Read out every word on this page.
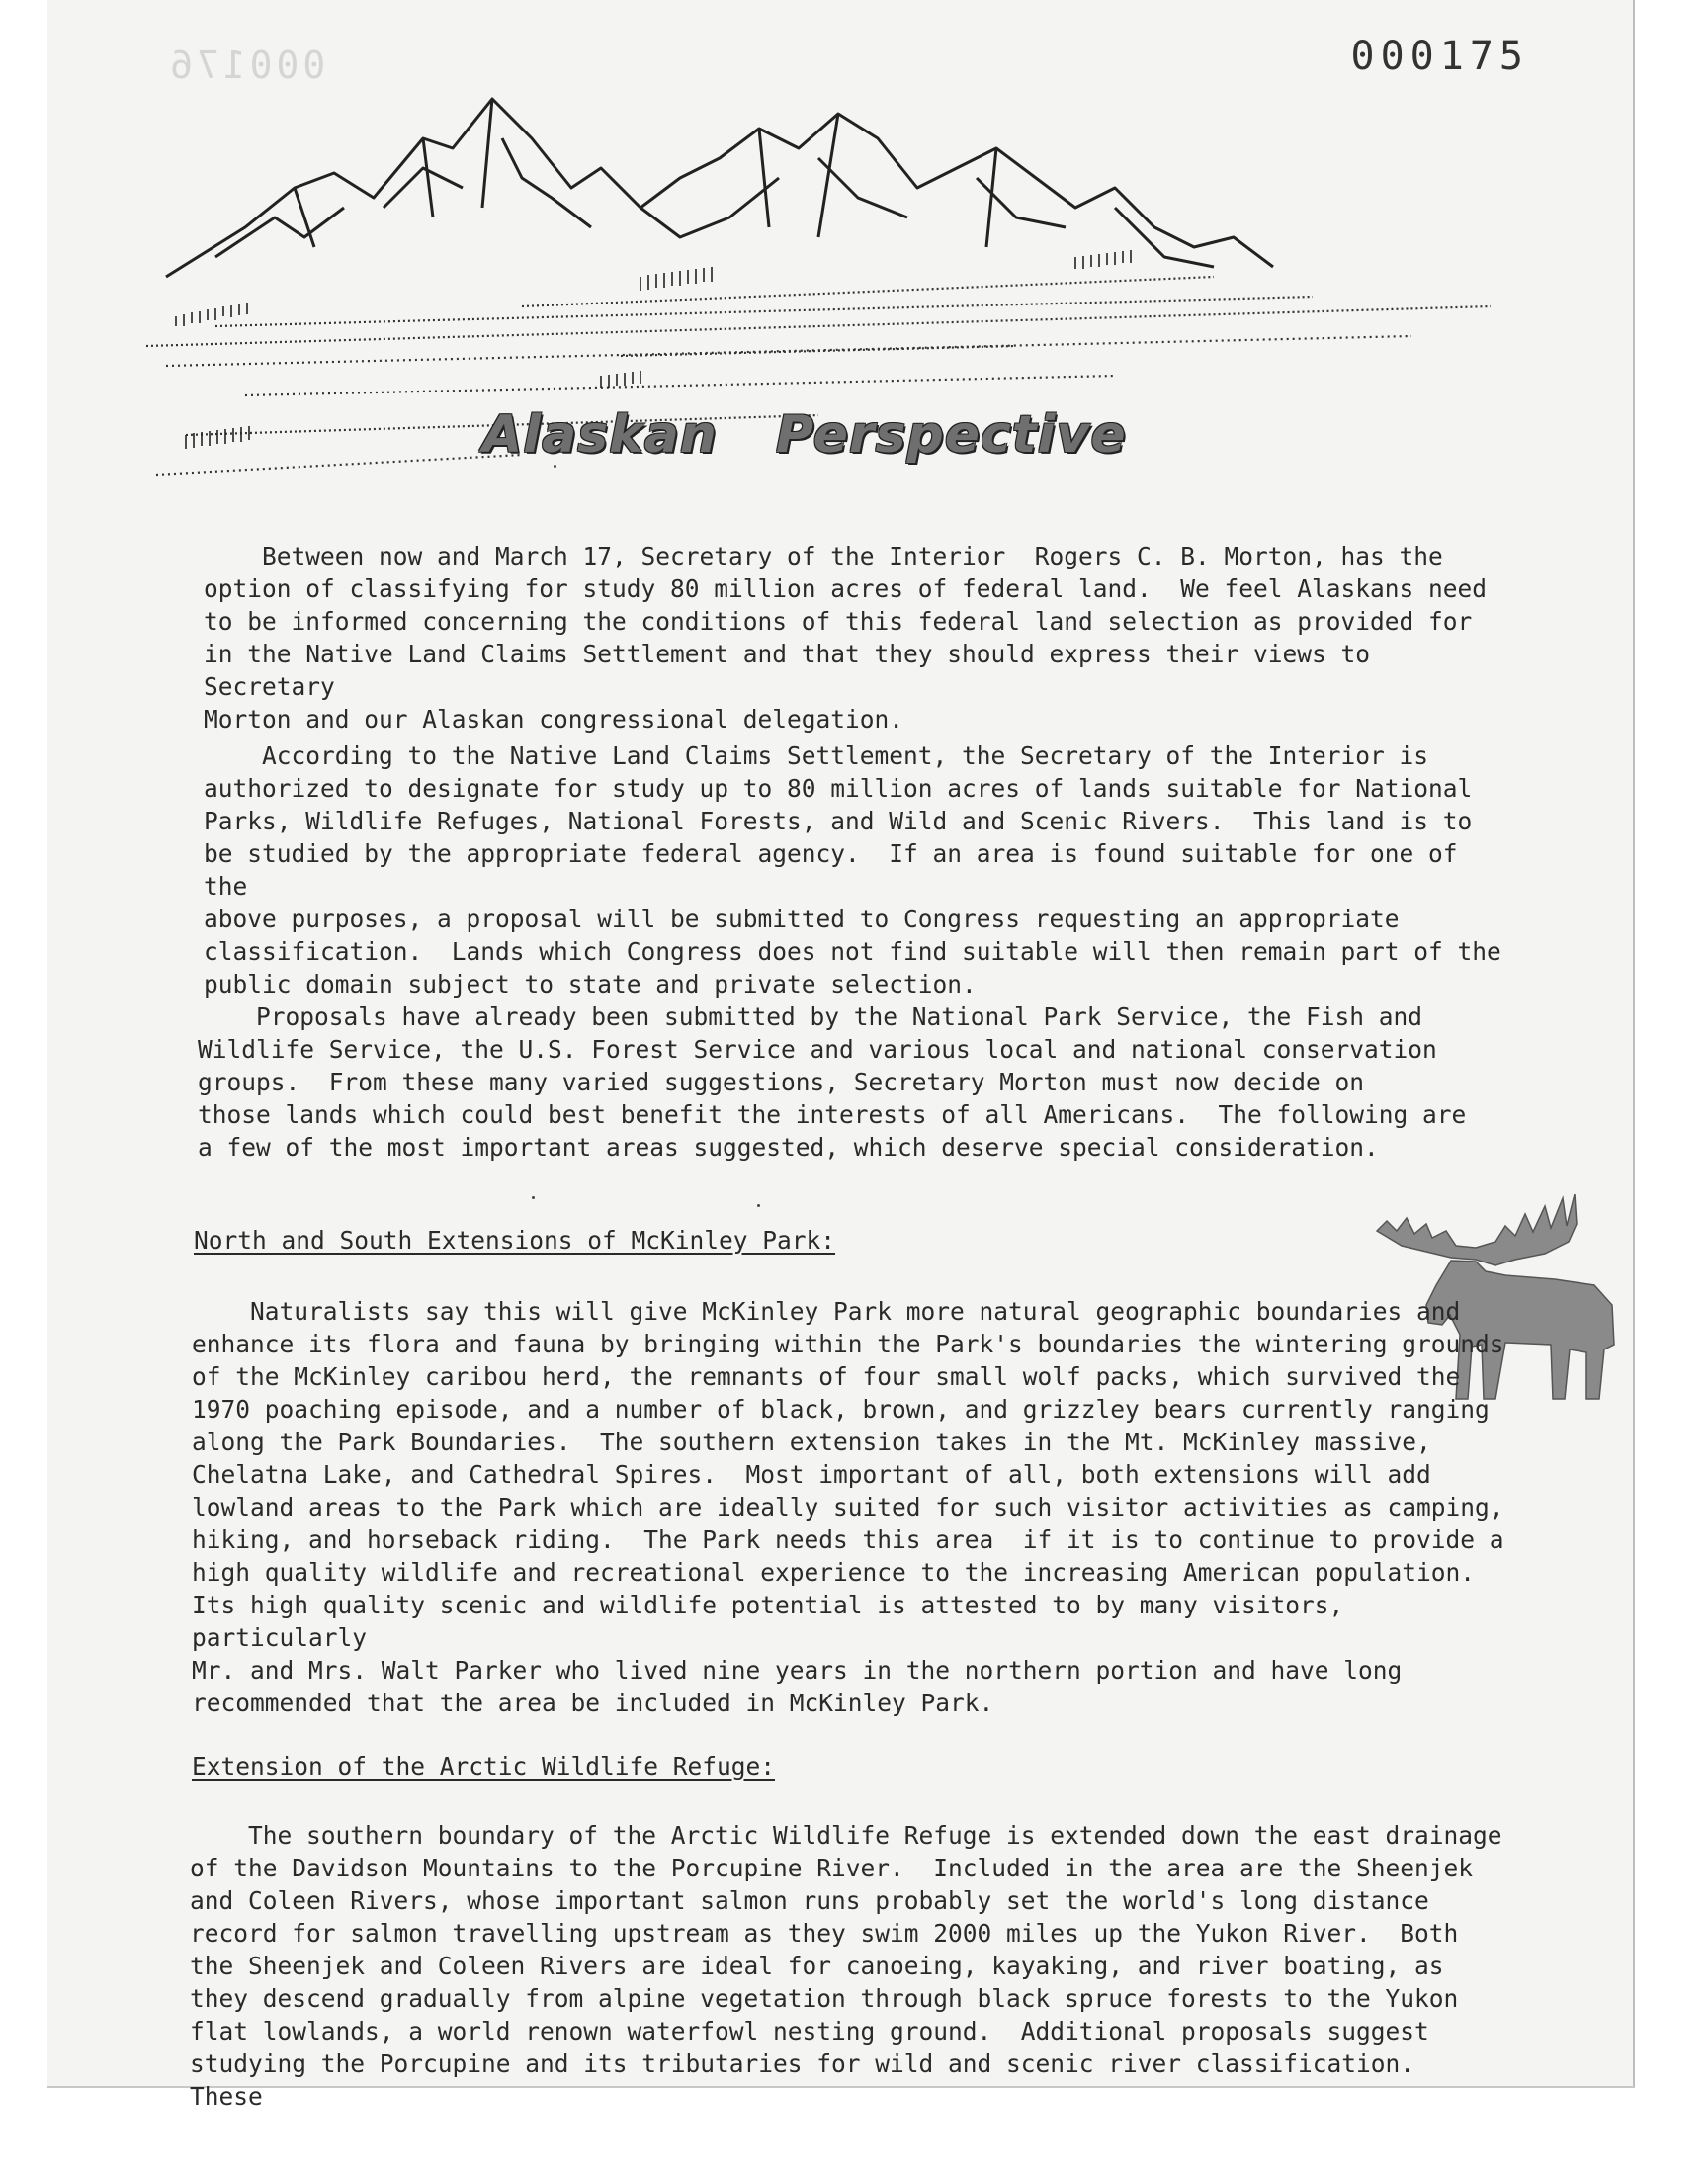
000176	000175
Alaskan Perspective

Between now and March 17, Secretary of the Interior  Rogers C. B. Morton, has the
option of classifying for study 80 million acres of federal land.  We feel Alaskans need
to be informed concerning the conditions of this federal land selection as provided for
in the Native Land Claims Settlement and that they should express their views to Secretary
Morton and our Alaskan congressional delegation.

According to the Native Land Claims Settlement, the Secretary of the Interior is
authorized to designate for study up to 80 million acres of lands suitable for National
Parks, Wildlife Refuges, National Forests, and Wild and Scenic Rivers.  This land is to
be studied by the appropriate federal agency.  If an area is found suitable for one of the
above purposes, a proposal will be submitted to Congress requesting an appropriate
classification.  Lands which Congress does not find suitable will then remain part of the
public domain subject to state and private selection.

Proposals have already been submitted by the National Park Service, the Fish and
Wildlife Service, the U.S. Forest Service and various local and national conservation
groups.  From these many varied suggestions, Secretary Morton must now decide on
those lands which could best benefit the interests of all Americans.  The following are
a few of the most important areas suggested, which deserve special consideration.

North and South Extensions of McKinley Park:

Naturalists say this will give McKinley Park more natural geographic boundaries and
enhance its flora and fauna by bringing within the Park's boundaries the wintering grounds
of the McKinley caribou herd, the remnants of four small wolf packs, which survived the
1970 poaching episode, and a number of black, brown, and grizzley bears currently ranging
along the Park Boundaries.  The southern extension takes in the Mt. McKinley massive,
Chelatna Lake, and Cathedral Spires.  Most important of all, both extensions will add
lowland areas to the Park which are ideally suited for such visitor activities as camping,
hiking, and horseback riding.  The Park needs this area  if it is to continue to provide a
high quality wildlife and recreational experience to the increasing American population.
Its high quality scenic and wildlife potential is attested to by many visitors, particularly
Mr. and Mrs. Walt Parker who lived nine years in the northern portion and have long
recommended that the area be included in McKinley Park.

Extension of the Arctic Wildlife Refuge:

The southern boundary of the Arctic Wildlife Refuge is extended down the east drainage
of the Davidson Mountains to the Porcupine River.  Included in the area are the Sheenjek
and Coleen Rivers, whose important salmon runs probably set the world's long distance
record for salmon travelling upstream as they swim 2000 miles up the Yukon River.  Both
the Sheenjek and Coleen Rivers are ideal for canoeing, kayaking, and river boating, as
they descend gradually from alpine vegetation through black spruce forests to the Yukon
flat lowlands, a world renown waterfowl nesting ground.  Additional proposals suggest
studying the Porcupine and its tributaries for wild and scenic river classification.  These
